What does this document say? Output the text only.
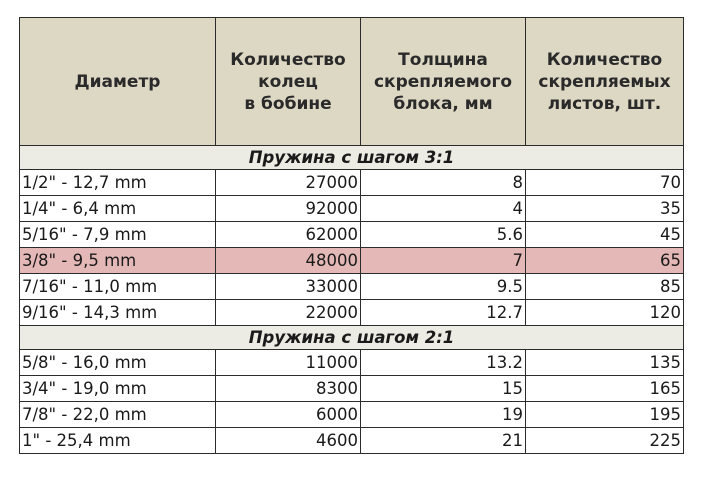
Диаметр	Количество
колец
в бобине	Толщина
скрепляемого
блока, мм	Количество
скрепляемых
листов, шт.

Пружина с шагом 3:1			
1/2" - 12,7 mm	27000	8	70
1/4" - 6,4 mm	92000	4	35
5/16" - 7,9 mm	62000	5.6	45
3/8" - 9,5 mm	48000	7	65
7/16" - 11,0 mm	33000	9.5	85
9/16" - 14,3 mm	22000	12.7	120
Пружина с шагом 2:1			
5/8" - 16,0 mm	11000	13.2	135
3/4" - 19,0 mm	8300	15	165
7/8" - 22,0 mm	6000	19	195
1" - 25,4 mm	4600	21	225
